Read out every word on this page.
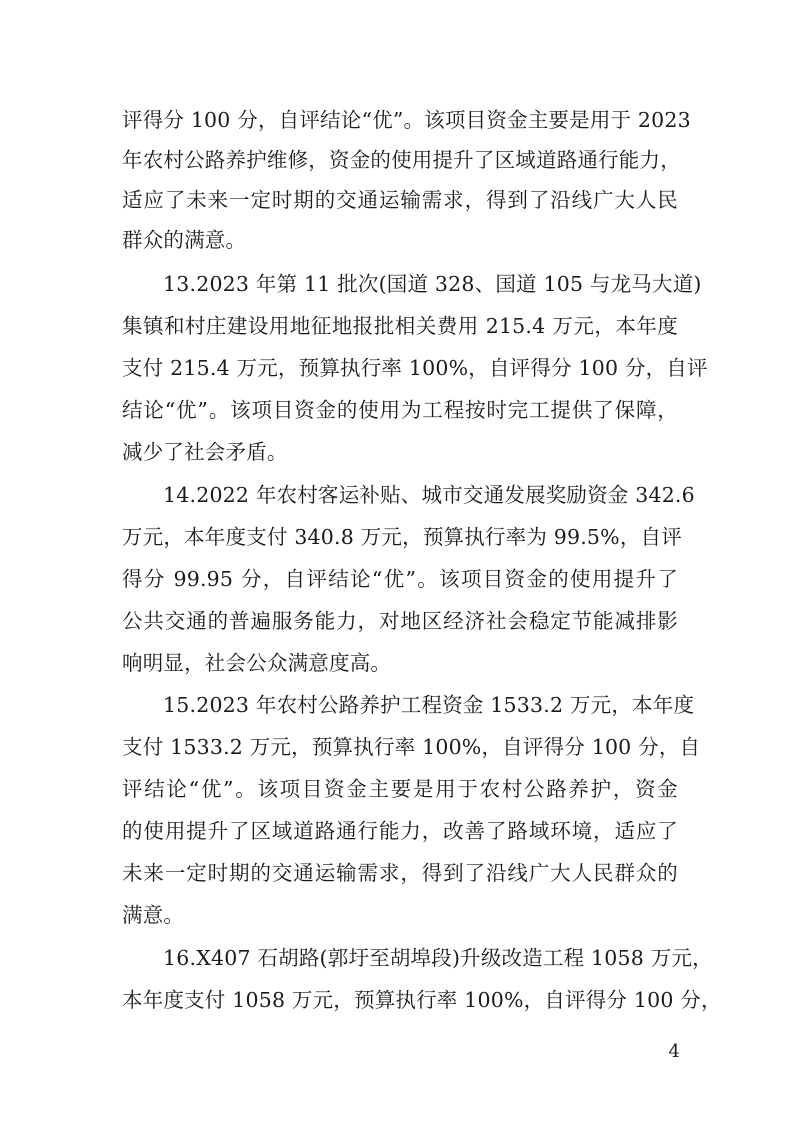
评得分 100 分，自评结论“优”。该项目资金主要是用于 2023
年农村公路养护维修，资金的使用提升了区域道路通行能力，
适应了未来一定时期的交通运输需求，得到了沿线广大人民
群众的满意。
13.2023 年第 11 批次(国道 328、国道 105 与龙马大道)
集镇和村庄建设用地征地报批相关费用 215.4 万元，本年度
支付 215.4 万元，预算执行率 100%，自评得分 100 分，自评
结论“优”。该项目资金的使用为工程按时完工提供了保障，
减少了社会矛盾。
14.2022 年农村客运补贴、城市交通发展奖励资金 342.6
万元，本年度支付 340.8 万元，预算执行率为 99.5%，自评
得分 99.95 分，自评结论“优”。该项目资金的使用提升了
公共交通的普遍服务能力，对地区经济社会稳定节能减排影
响明显，社会公众满意度高。
15.2023 年农村公路养护工程资金 1533.2 万元，本年度
支付 1533.2 万元，预算执行率 100%，自评得分 100 分，自
评结论“优”。该项目资金主要是用于农村公路养护，资金
的使用提升了区域道路通行能力，改善了路域环境，适应了
未来一定时期的交通运输需求，得到了沿线广大人民群众的
满意。
16.X407 石胡路(郭圩至胡埠段)升级改造工程 1058 万元，
本年度支付 1058 万元，预算执行率 100%，自评得分 100 分，
4
